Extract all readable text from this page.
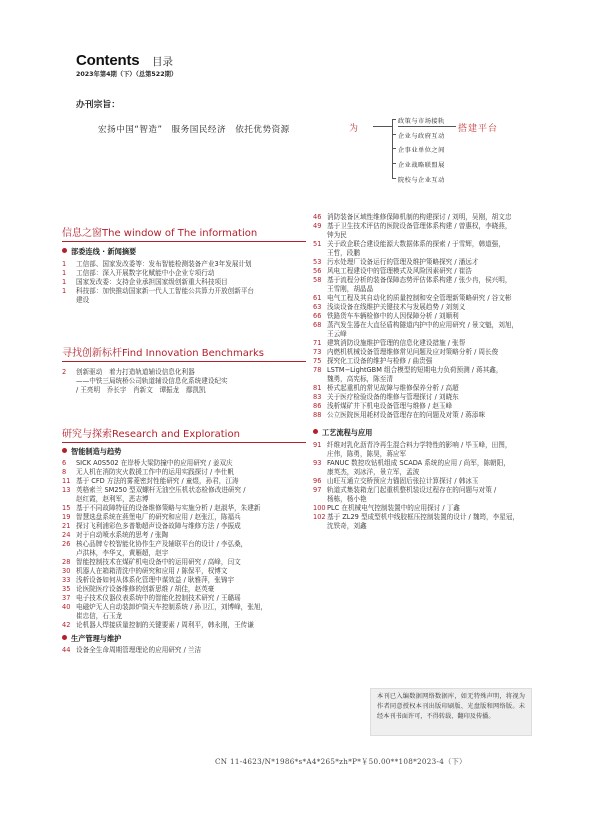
Contents 目录
2023年第4期（下）（总第522期）
办刊宗旨：
宏扬中国“智造”　服务国民经济　依托优势资源	为	搭建平台
政策与市场接轨
企业与政府互动
企事业单位之间
企业战略联盟展
院校与企业互动
信息之窗The window of The information
部委连线 · 新闻摘要
1 工信部、国家发改委等：发布智能检测装备产业3年发展计划
1 工信部：深入开展数字化赋能中小企业专项行动
1 国家发改委：支持企业承担国家级创新重大科技项目
1 科技部：加快推动国家新一代人工智能公共算力开放创新平台
建设
寻找创新标杆Find Innovation Benchmarks
2 创新驱动　着力打造轨道辅设信息化利器
——中铁三局统桥公司轨道辅设信息化系统建设纪实
/ 王亮明　乔长宇　肖新文　谭振龙　鄢凯凯
研究与探索Research and Exploration
智能制造与趋势
6 SICK A0S502 在岸桥大梁防撞中的应用研究 / 姜双庆
8 无人机在消防灾火救援工作中的运用实践探讨 / 李仕帆
11 基于 CFD 方法的雾菱密封性能研究 / 童煜，孙君，江涛
13 英格索兰 SM250 型双螺杆无油空压机状态检修改进研究 /
赵红霞，赵利军，恶志博
15 基于不同故障特征的设备维修策略与实施分析 / 赵淑华，朱建新
19 智慧选盘系统在燕堡电厂的研究和应用 / 赵张江，陈福兵
21 探讨飞利浦彩色多普勒超声设备故障与维修方法 / 李振成
24 对于自动喷水系统的思考 / 张陶
26 核心品牌专校智能化协作生产及辅联平台的设计 / 李弘桑，
卢洪林，李华又，黄雁超，赵宇
28 智能控制技术在煤矿机电设备中的运用研究 / 高峰，闫文
30 机器人在箱箱清洗中的研究和应用 / 陈保平，权博文
33 浅析设备如何从体系化管理中谋效益 / 耿雅萍，张锦宇
35 论医院医疗设备维修的创新思维 / 胡佳，赵英豪
37 电子技术仪器仪表系统中的智能化控制技术研究 / 王璐瑶
40 电磁炉无人自动装卸炉筒天车控制系统 / 孙卫江，刘博峰，张旭，
崔忠信，石玉龙
42 论机器人焊接质量控制的关键要素 / 周利平，韩永刚，王传谦
生产管理与维护
44 设备全生命周期管理理论的应用研究 / 兰洁
46 消防装备区域性维修保障机制的构建探讨 / 刘明，吴刚，胡文忠
49 基于卫生技术评估的医院设备管理体系构建 / 曾惠权，李晓燕，
钟为民
51 关于政企联合建设能源大数据体系的探索 / 于雪辉，韩道强，
王哲，段鹏
53 污水处理厂设备运行的管理及维护策略探究 / 潘远才
56 风电工程建设中的管理模式及风险因素研究 / 崔浩
58 基于流程分析的装备保障态势评估体系构建 / 张少冉，侯兴明，
王雪刚，胡晶晶
61 电气工程及其自动化的质量控制和安全管理新策略研究 / 谷文彬
63 浅谈设备在线维护关键技术与发展趋势 / 刘刻义
66 铁路货车车辆检修中的人因保障分析 / 刘顺利
68 蒸汽发生器在大直径盾构隧道内护中的应用研究 / 景文魁，刘旭，
王云峰
71 建筑消防设施维护管理的信息化建设措施 / 张帮
73 内燃机机械设备管理维修常见问题及应对策略分析 / 周长俊
75 探究化工设备的维护与检修 / 曲贵强
78 LSTM−LightGBM 组合模型的短期电力负荷预测 / 蒋其鑫，
魏勇，高宪标，陈至清
81 桥式起重机的常见故障与维修保养分析 / 高超
83 关于医疗检验设备的维修与管理探讨 / 刘晓东
86 浅析煤矿井下机电设备管理与维修 / 赵玉峰
88 公立医院医用耗材设备管理存在的问题及对策 / 蒋添咪
工艺流程与应用
91 纤维对乳化沥青冷再生混合料力学特性的影响 / 毕玉峰，田图，
庄伟，陈勇，陈昊，蒋应军
93 FANUC 数控攻钻机组成 SCADA 系统的应用 / 尚军，陈朝阳，
康英杰，刘冰洋，景立军，孟波
96 山旺互通立交桥预应力锚固后张拉计算探讨 / 韩冰玉
97 轨道式集装箱龙门起重机整机装设过程存在的问题与对策 /
杨栋，杨小艳
100PLC 在机械电气控制装置中的应用探讨 / 丁鑫
102基于 ZL29 型成型机中线胶框压控制装置的设计 / 魏筠，李星冠，
沈铁奇，刘鑫
本刊已入编数据网络数据库，如无特殊声明，将视为作者同意授权本刊出版印刷版、光盘版和网络版。未经本刊书面许可，不得转载、翻印及传播。
CN 11-4623/N*1986*s*A4*265*zh*P*￥50.00**108*2023-4（下）
